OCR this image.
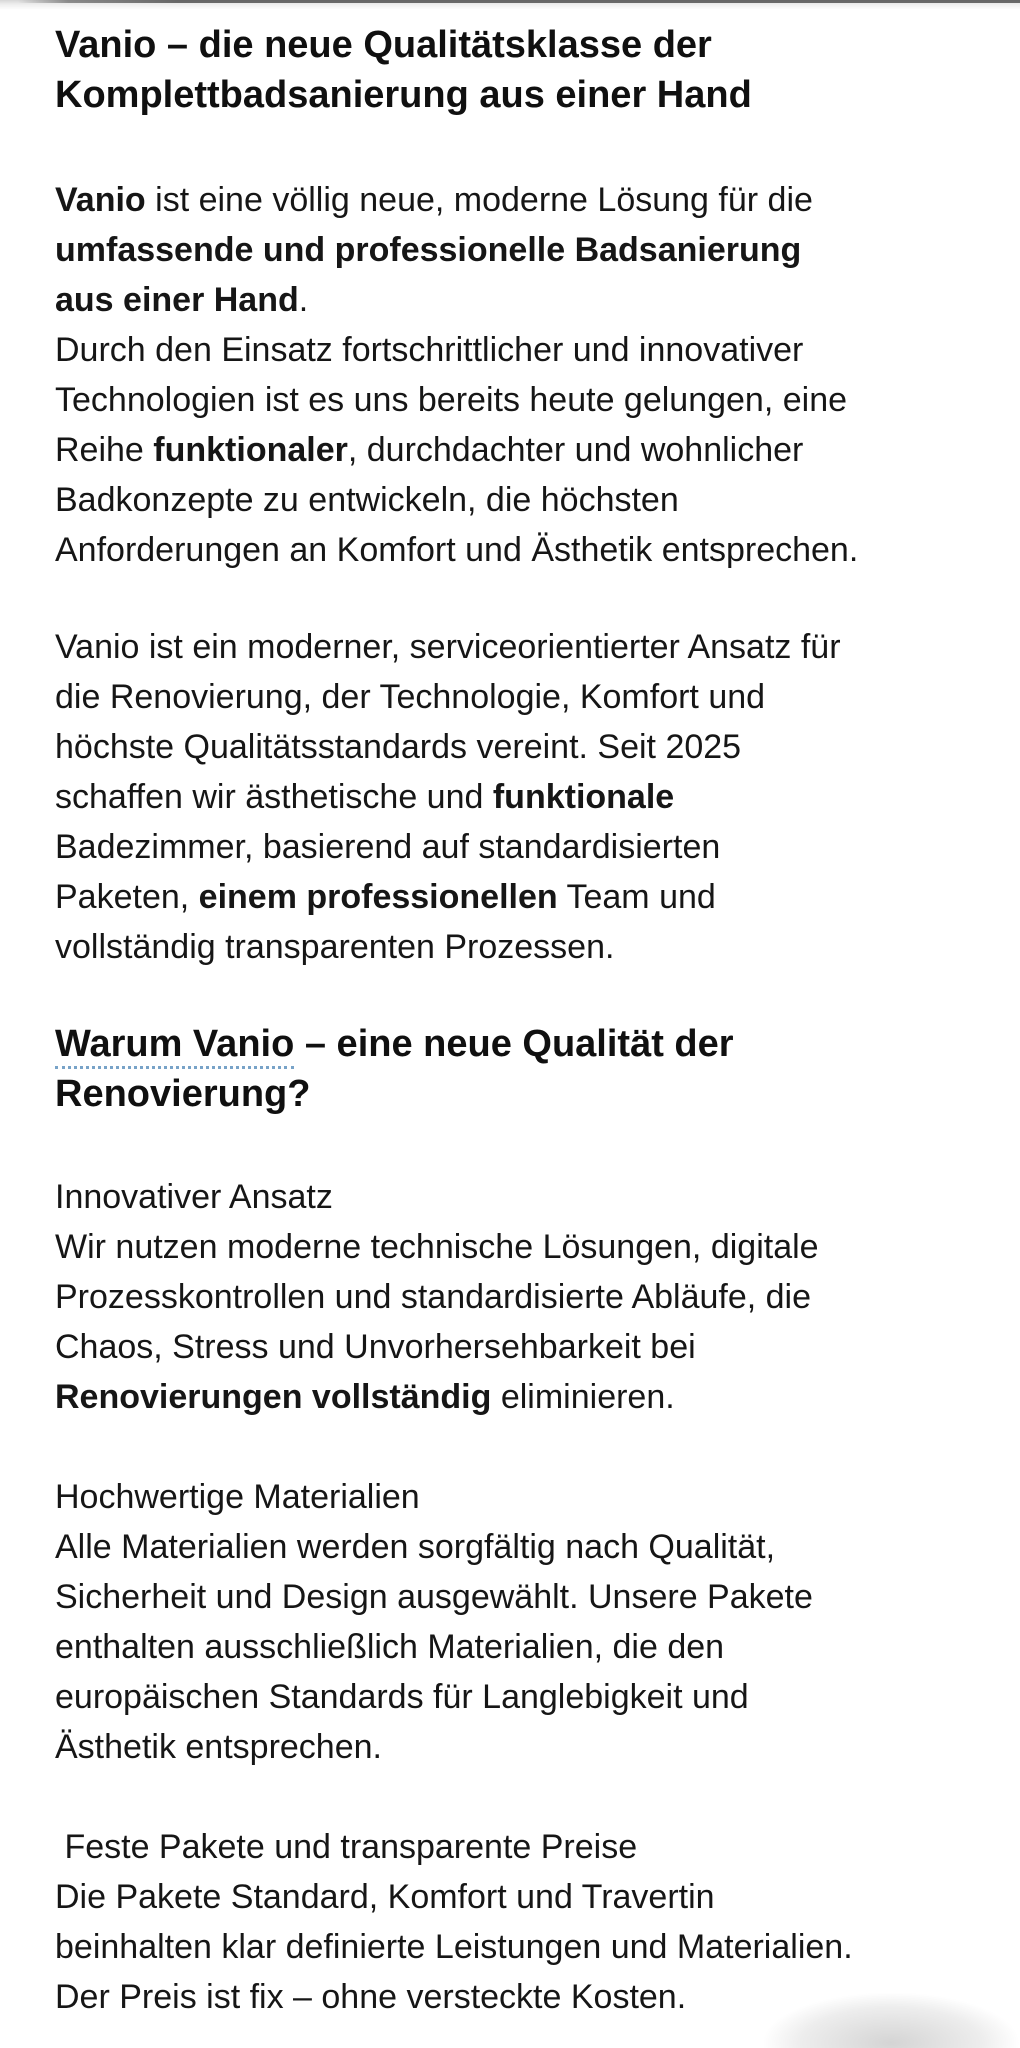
Vanio – die neue Qualitätsklasse der
Komplettbadsanierung aus einer Hand
Vanio ist eine völlig neue, moderne Lösung für die
umfassende und professionelle Badsanierung
aus einer Hand.
Durch den Einsatz fortschrittlicher und innovativer
Technologien ist es uns bereits heute gelungen, eine
Reihe funktionaler, durchdachter und wohnlicher
Badkonzepte zu entwickeln, die höchsten
Anforderungen an Komfort und Ästhetik entsprechen.
Vanio ist ein moderner, serviceorientierter Ansatz für
die Renovierung, der Technologie, Komfort und
höchste Qualitätsstandards vereint. Seit 2025
schaffen wir ästhetische und funktionale
Badezimmer, basierend auf standardisierten
Paketen, einem professionellen Team und
vollständig transparenten Prozessen.
Warum Vanio – eine neue Qualität der
Renovierung?
Innovativer Ansatz
Wir nutzen moderne technische Lösungen, digitale
Prozesskontrollen und standardisierte Abläufe, die
Chaos, Stress und Unvorhersehbarkeit bei
Renovierungen vollständig eliminieren.
Hochwertige Materialien
Alle Materialien werden sorgfältig nach Qualität,
Sicherheit und Design ausgewählt. Unsere Pakete
enthalten ausschließlich Materialien, die den
europäischen Standards für Langlebigkeit und
Ästhetik entsprechen.
Feste Pakete und transparente Preise
Die Pakete Standard, Komfort und Travertin
beinhalten klar definierte Leistungen und Materialien.
Der Preis ist fix – ohne versteckte Kosten.
